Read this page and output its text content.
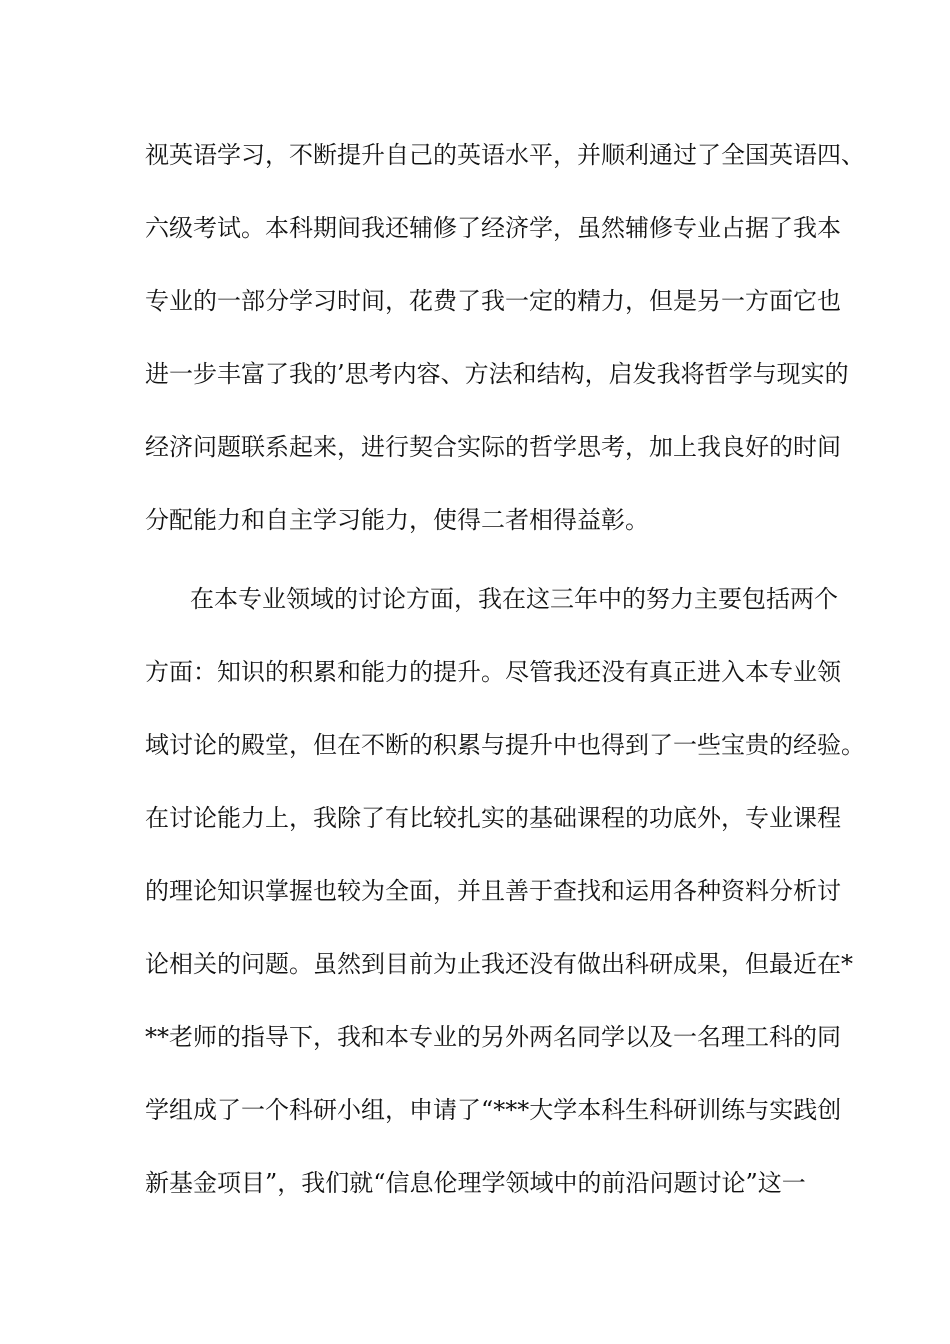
视英语学习，不断提升自己的英语水平，并顺利通过了全国英语四、
六级考试。本科期间我还辅修了经济学，虽然辅修专业占据了我本
专业的一部分学习时间，花费了我一定的精力，但是另一方面它也
进一步丰富了我的’思考内容、方法和结构，启发我将哲学与现实的
经济问题联系起来，进行契合实际的哲学思考，加上我良好的时间
分配能力和自主学习能力，使得二者相得益彰。
在本专业领域的讨论方面，我在这三年中的努力主要包括两个
方面：知识的积累和能力的提升。尽管我还没有真正进入本专业领
域讨论的殿堂，但在不断的积累与提升中也得到了一些宝贵的经验。
在讨论能力上，我除了有比较扎实的基础课程的功底外，专业课程
的理论知识掌握也较为全面，并且善于查找和运用各种资料分析讨
论相关的问题。虽然到目前为止我还没有做出科研成果，但最近在*
**老师的指导下，我和本专业的另外两名同学以及一名理工科的同
学组成了一个科研小组，申请了“***大学本科生科研训练与实践创
新基金项目”，我们就“信息伦理学领域中的前沿问题讨论”这一
